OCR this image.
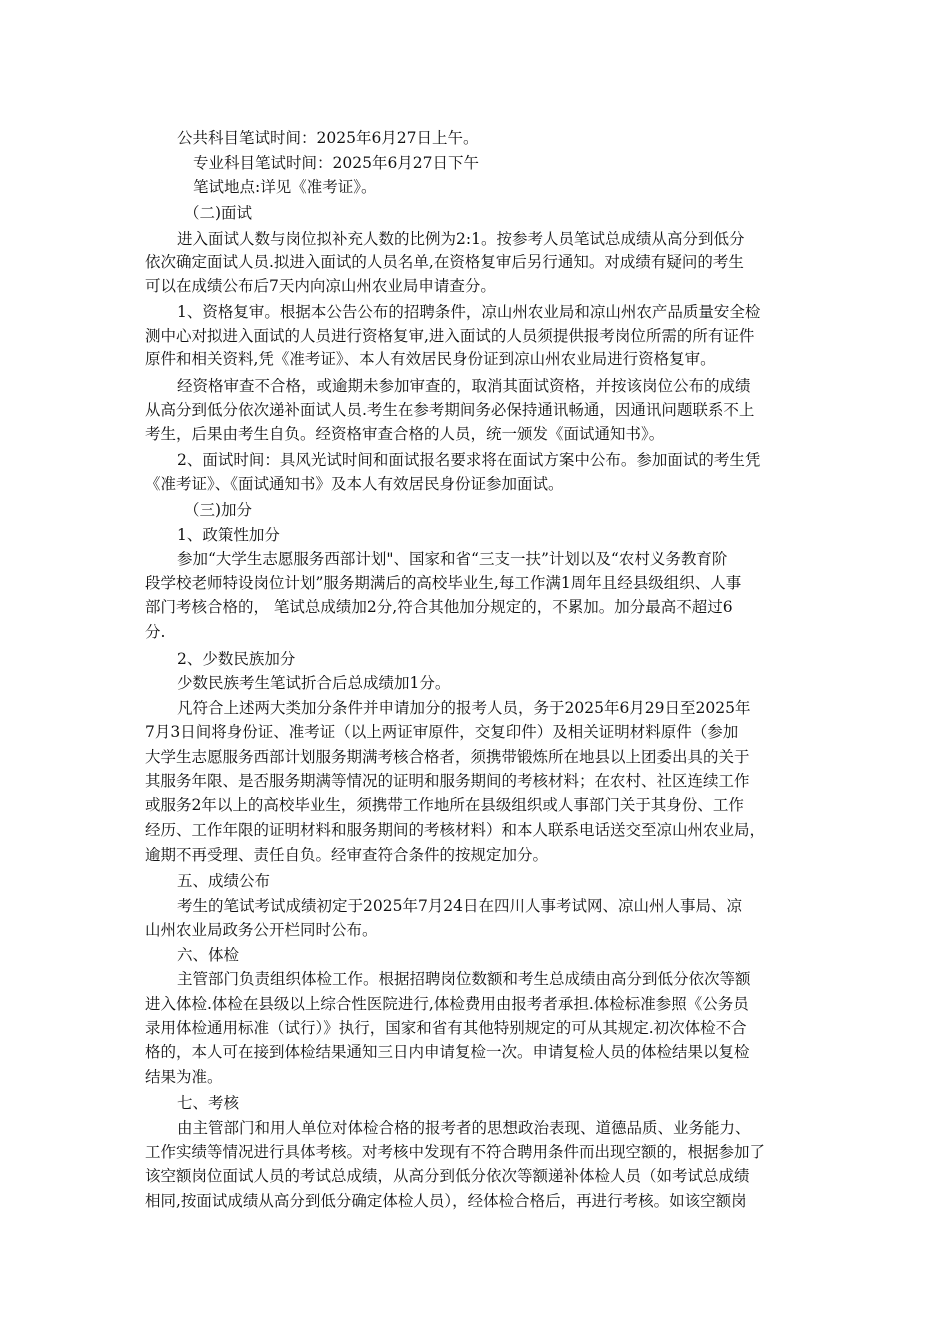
公共科目笔试时间：2025年6月27日上午。
专业科目笔试时间：2025年6月27日下午
笔试地点:详见《准考证》。
（二)面试
进入面试人数与岗位拟补充人数的比例为2:1。按参考人员笔试总成绩从高分到低分
依次确定面试人员.拟进入面试的人员名单,在资格复审后另行通知。对成绩有疑问的考生
可以在成绩公布后7天内向凉山州农业局申请查分。
1、资格复审。根据本公告公布的招聘条件，凉山州农业局和凉山州农产品质量安全检
测中心对拟进入面试的人员进行资格复审,进入面试的人员须提供报考岗位所需的所有证件
原件和相关资料,凭《准考证》、本人有效居民身份证到凉山州农业局进行资格复审。
经资格审查不合格，或逾期未参加审查的，取消其面试资格，并按该岗位公布的成绩
从高分到低分依次递补面试人员.考生在参考期间务必保持通讯畅通，因通讯问题联系不上
考生，后果由考生自负。经资格审查合格的人员，统一颁发《面试通知书》。
2、面试时间：具风光试时间和面试报名要求将在面试方案中公布。参加面试的考生凭
《准考证》、《面试通知书》及本人有效居民身份证参加面试。
（三)加分
1、政策性加分
参加“大学生志愿服务西部计划"、国家和省“三支一扶”计划以及“农村义务教育阶
段学校老师特设岗位计划”服务期满后的高校毕业生,每工作满1周年且经县级组织、人事
部门考核合格的， 笔试总成绩加2分,符合其他加分规定的，不累加。加分最高不超过6
分.
2、少数民族加分
少数民族考生笔试折合后总成绩加1分。
凡符合上述两大类加分条件并申请加分的报考人员，务于2025年6月29日至2025年
7月3日间将身份证、准考证（以上两证审原件，交复印件）及相关证明材料原件（参加
大学生志愿服务西部计划服务期满考核合格者，须携带锻炼所在地县以上团委出具的关于
其服务年限、是否服务期满等情况的证明和服务期间的考核材料；在农村、社区连续工作
或服务2年以上的高校毕业生，须携带工作地所在县级组织或人事部门关于其身份、工作
经历、工作年限的证明材料和服务期间的考核材料）和本人联系电话送交至凉山州农业局，
逾期不再受理、责任自负。经审查符合条件的按规定加分。
五、成绩公布
考生的笔试考试成绩初定于2025年7月24日在四川人事考试网、凉山州人事局、凉
山州农业局政务公开栏同时公布。
六、体检
主管部门负责组织体检工作。根据招聘岗位数额和考生总成绩由高分到低分依次等额
进入体检.体检在县级以上综合性医院进行,体检费用由报考者承担.体检标准参照《公务员
录用体检通用标准（试行）》执行，国家和省有其他特别规定的可从其规定.初次体检不合
格的，本人可在接到体检结果通知三日内申请复检一次。申请复检人员的体检结果以复检
结果为准。
七、考核
由主管部门和用人单位对体检合格的报考者的思想政治表现、道德品质、业务能力、
工作实绩等情况进行具体考核。对考核中发现有不符合聘用条件而出现空额的，根据参加了
该空额岗位面试人员的考试总成绩，从高分到低分依次等额递补体检人员（如考试总成绩
相同,按面试成绩从高分到低分确定体检人员），经体检合格后，再进行考核。如该空额岗
